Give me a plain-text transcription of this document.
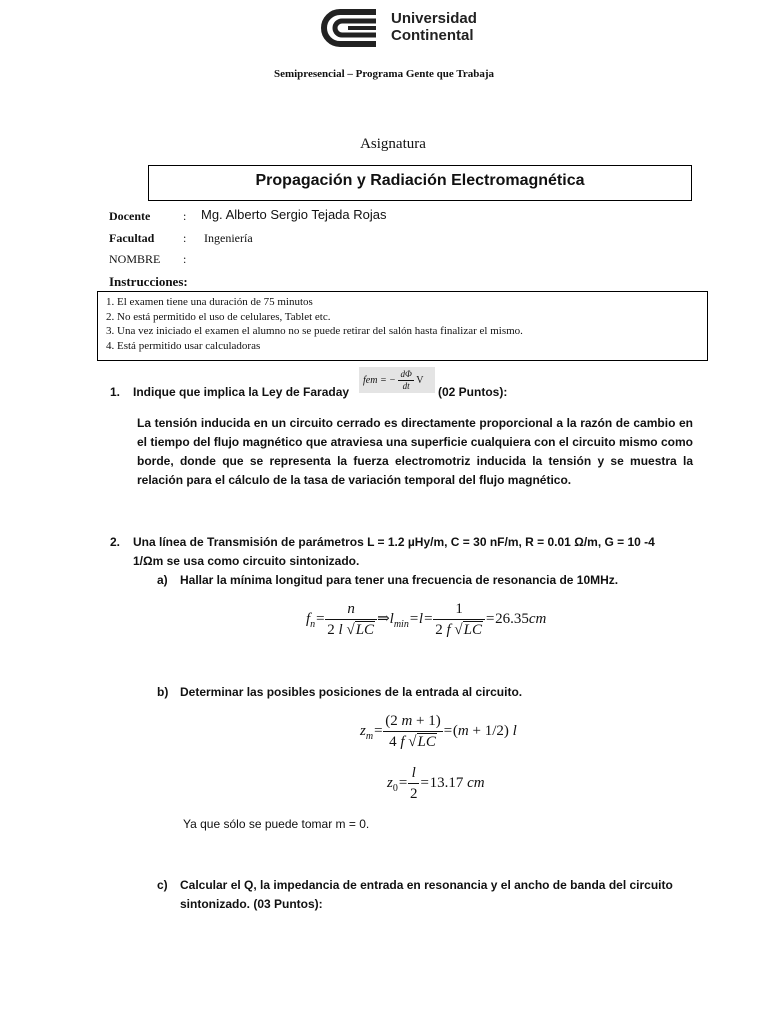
Universidad
Continental
Semipresencial – Programa Gente que Trabaja
Asignatura
Propagación y Radiación Electromagnética
Docente	: Mg. Alberto Sergio Tejada Rojas
Facultad : Ingeniería
NOMBRE :
Instrucciones:
1. El examen tiene una duración de 75 minutos
2. No está permitido el uso de celulares, Tablet etc.
3. Una vez iniciado el examen el alumno no se puede retirar del salón hasta finalizar el mismo.
4. Está permitido usar calculadoras
1. Indique que implica la Ley de Faraday
fem = − $\frac{d\Phi}{dt}$ V
(02 Puntos):
La tensión inducida en un circuito cerrado es directamente proporcional a la razón de cambio en el tiempo del flujo magnético que atraviesa una superficie cualquiera con el circuito mismo como borde, donde que se representa la fuerza electromotriz inducida la tensión y se muestra la relación para el cálculo de la tasa de variación temporal del flujo magnético.
2. Una línea de Transmisión de parámetros L = 1.2 µHy/m, C = 30 nF/m, R = 0.01 Ω/m, G = 10 -4
1/Ωm se usa como circuito sintonizado.
a) Hallar la mínima longitud para tener una frecuencia de resonancia de 10MHz.
$f_n= \frac{n}{2 l √LC}$ $\Rightarrow l_{min}=l= \frac{1}{2 f √LC} =26.35cm$
b) Determinar las posibles posiciones de la entrada al circuito.
$z_m= \frac{(2 m + 1)}{4 f √LC} =(m + 1/2)$ l
$z_0= \frac{l}{2} =13.17$ cm
Ya que sólo se puede tomar m = 0.
c) Calcular el Q, la impedancia de entrada en resonancia y el ancho de banda del circuito
sintonizado. (03 Puntos):
